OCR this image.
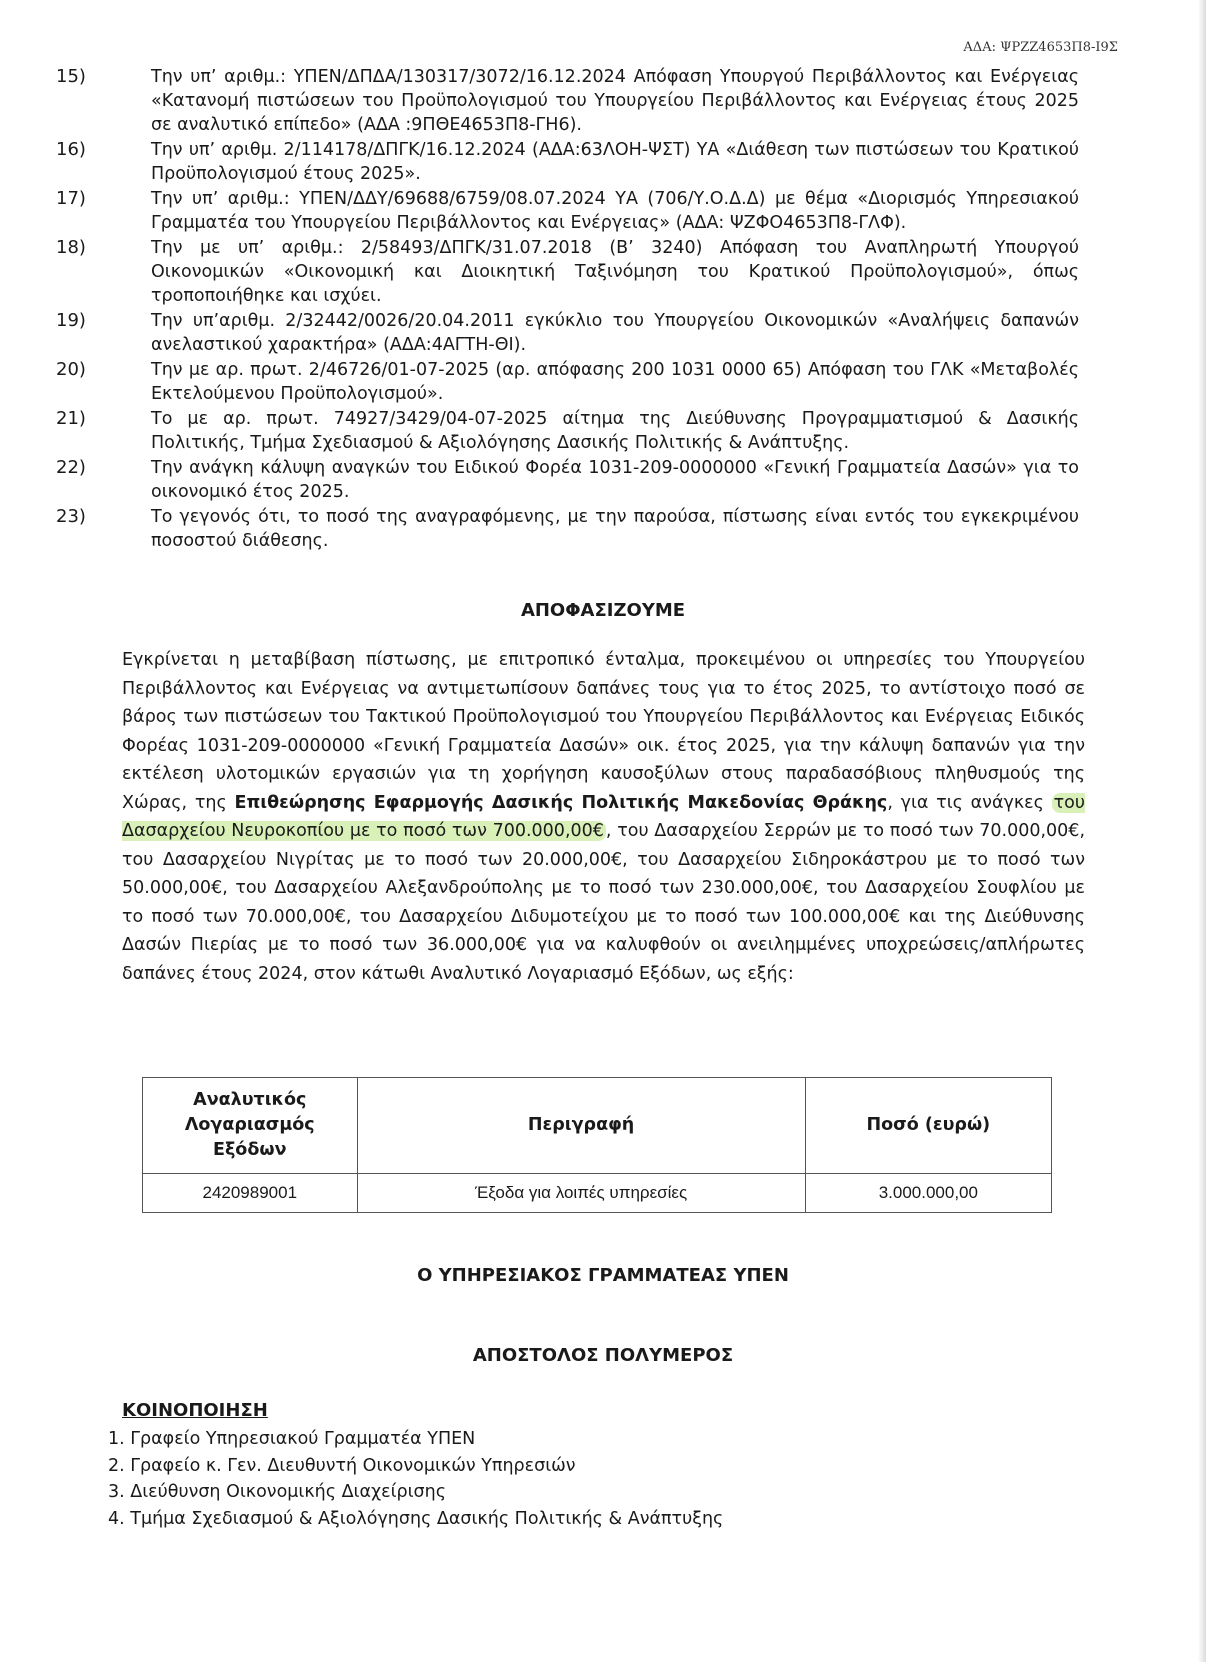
ΑΔΑ: ΨΡΖΖ4653Π8-Ι9Σ
15)	Την υπ’ αριθμ.: ΥΠΕΝ/ΔΠΔΑ/130317/3072/16.12.2024 Απόφαση Υπουργού Περιβάλλοντος και Ενέργειας «Κατανομή πιστώσεων του Προϋπολογισμού του Υπουργείου Περιβάλλοντος και Ενέργειας έτους 2025 σε αναλυτικό επίπεδο» (ΑΔΑ :9ΠΘΕ4653Π8-ΓΗ6).
16)	Την υπ’ αριθμ. 2/114178/ΔΠΓΚ/16.12.2024 (ΑΔΑ:63ΛΟΗ-ΨΣΤ) ΥΑ «Διάθεση των πιστώσεων του Κρατικού Προϋπολογισμού έτους 2025».
17)	Την υπ’ αριθμ.: ΥΠΕΝ/ΔΔΥ/69688/6759/08.07.2024 ΥΑ (706/Υ.Ο.Δ.Δ) με θέμα «Διορισμός Υπηρεσιακού Γραμματέα του Υπουργείου Περιβάλλοντος και Ενέργειας» (ΑΔΑ: ΨΖΦΟ4653Π8-ΓΛΦ).
18)	Την με υπ’ αριθμ.: 2/58493/ΔΠΓΚ/31.07.2018 (Β’ 3240) Απόφαση του Αναπληρωτή Υπουργού Οικονομικών «Οικονομική και Διοικητική Ταξινόμηση του Κρατικού Προϋπολογισμού», όπως τροποποιήθηκε και ισχύει.
19)	Την υπ’αριθμ. 2/32442/0026/20.04.2011 εγκύκλιο του Υπουργείου Οικονομικών «Αναλήψεις δαπανών ανελαστικού χαρακτήρα» (ΑΔΑ:4ΑΓΤΗ-ΘΙ).
20)	Την με αρ. πρωτ. 2/46726/01-07-2025 (αρ. απόφασης 200 1031 0000 65) Απόφαση του ΓΛΚ «Μεταβολές Εκτελούμενου Προϋπολογισμού».
21)	Το με αρ. πρωτ. 74927/3429/04-07-2025 αίτημα της Διεύθυνσης Προγραμματισμού & Δασικής Πολιτικής, Τμήμα Σχεδιασμού & Αξιολόγησης Δασικής Πολιτικής & Ανάπτυξης.
22)	Την ανάγκη κάλυψη αναγκών του Ειδικού Φορέα 1031-209-0000000 «Γενική Γραμματεία Δασών» για το οικονομικό έτος 2025.
23)	Το γεγονός ότι, το ποσό της αναγραφόμενης, με την παρούσα, πίστωσης είναι εντός του εγκεκριμένου ποσοστού διάθεσης.
ΑΠΟΦΑΣΙΖΟΥΜΕ
Εγκρίνεται η μεταβίβαση πίστωσης, με επιτροπικό ένταλμα, προκειμένου οι υπηρεσίες του Υπουργείου Περιβάλλοντος και Ενέργειας να αντιμετωπίσουν δαπάνες τους για το έτος 2025, το αντίστοιχο ποσό σε βάρος των πιστώσεων του Τακτικού Προϋπολογισμού του Υπουργείου Περιβάλλοντος και Ενέργειας Ειδικός Φορέας 1031-209-0000000 «Γενική Γραμματεία Δασών» οικ. έτος 2025, για την κάλυψη δαπανών για την εκτέλεση υλοτομικών εργασιών για τη χορήγηση καυσοξύλων στους παραδασόβιους πληθυσμούς της Χώρας, της Επιθεώρησης Εφαρμογής Δασικής Πολιτικής Μακεδονίας Θράκης, για τις ανάγκες του Δασαρχείου Νευροκοπίου με το ποσό των 700.000,00€ , του Δασαρχείου Σερρών με το ποσό των 70.000,00€, του Δασαρχείου Νιγρίτας με το ποσό των 20.000,00€, του Δασαρχείου Σιδηροκάστρου με το ποσό των 50.000,00€, του Δασαρχείου Αλεξανδρούπολης με το ποσό των 230.000,00€, του Δασαρχείου Σουφλίου με το ποσό των 70.000,00€, του Δασαρχείου Διδυμοτείχου με το ποσό των 100.000,00€ και της Διεύθυνσης Δασών Πιερίας με το ποσό των 36.000,00€ για να καλυφθούν οι ανειλημμένες υποχρεώσεις/απλήρωτες δαπάνες έτους 2024, στον κάτωθι Αναλυτικό Λογαριασμό Εξόδων, ως εξής:
Αναλυτικός Λογαριασμός Εξόδων	Περιγραφή	Ποσό (ευρώ)
2420989001	Έξοδα για λοιπές υπηρεσίες	3.000.000,00
Ο ΥΠΗΡΕΣΙΑΚΟΣ ΓΡΑΜΜΑΤΕΑΣ ΥΠΕΝ
ΑΠΟΣΤΟΛΟΣ ΠΟΛΥΜΕΡΟΣ
ΚΟΙΝΟΠΟΙΗΣΗ
1. Γραφείο Υπηρεσιακού Γραμματέα ΥΠΕΝ
2. Γραφείο κ. Γεν. Διευθυντή Οικονομικών Υπηρεσιών
3. Διεύθυνση Οικονομικής Διαχείρισης
4. Τμήμα Σχεδιασμού & Αξιολόγησης Δασικής Πολιτικής & Ανάπτυξης
